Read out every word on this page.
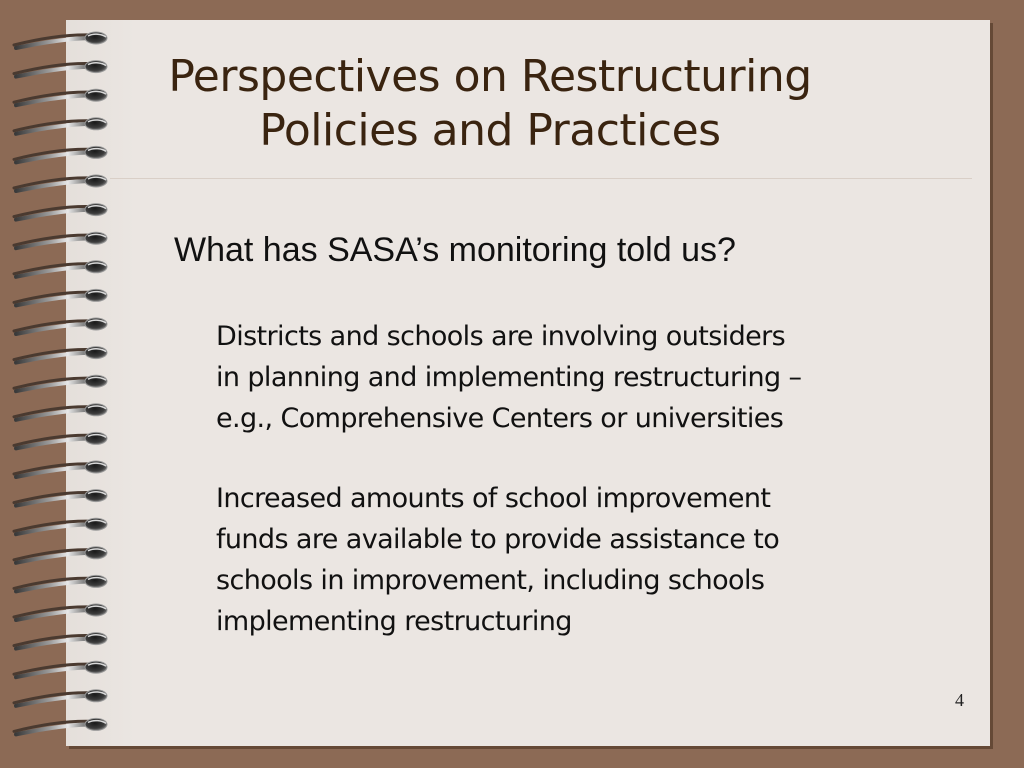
Perspectives on Restructuring
Policies and Practices

What has SASA’s monitoring told us?

Districts and schools are involving outsiders
in planning and implementing restructuring –
e.g., Comprehensive Centers or universities

Increased amounts of school improvement
funds are available to provide assistance to
schools in improvement, including schools
implementing restructuring

4
